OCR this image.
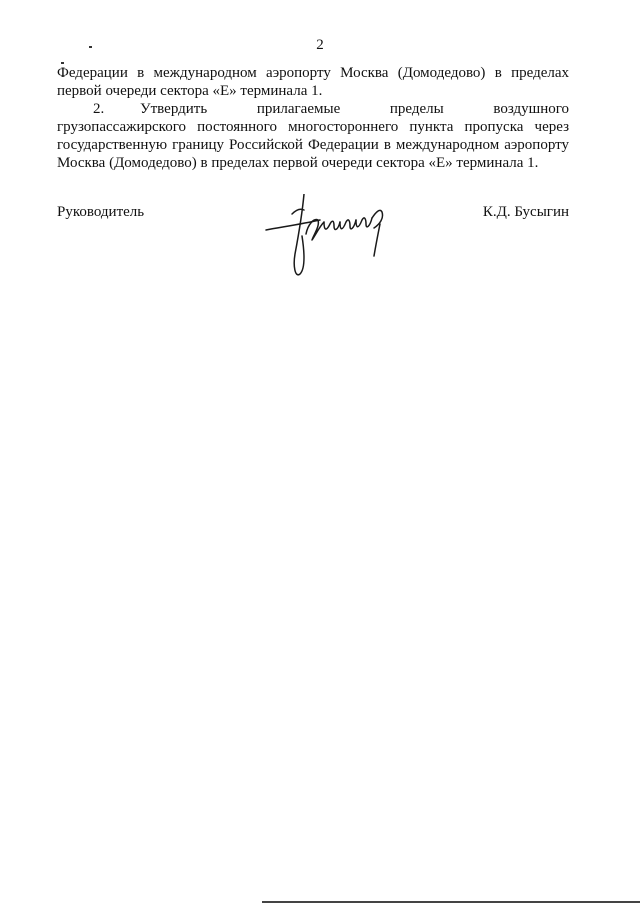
2
Федерации в международном аэропорту Москва (Домодедово) в пределах
первой очереди сектора «Е» терминала 1.
2. Утвердить прилагаемые пределы воздушного
грузопассажирского постоянного многостороннего пункта пропуска через
государственную границу Российской Федерации в международном аэропорту
Москва (Домодедово) в пределах первой очереди сектора «Е» терминала 1.
Руководитель	К.Д. Бусыгин
